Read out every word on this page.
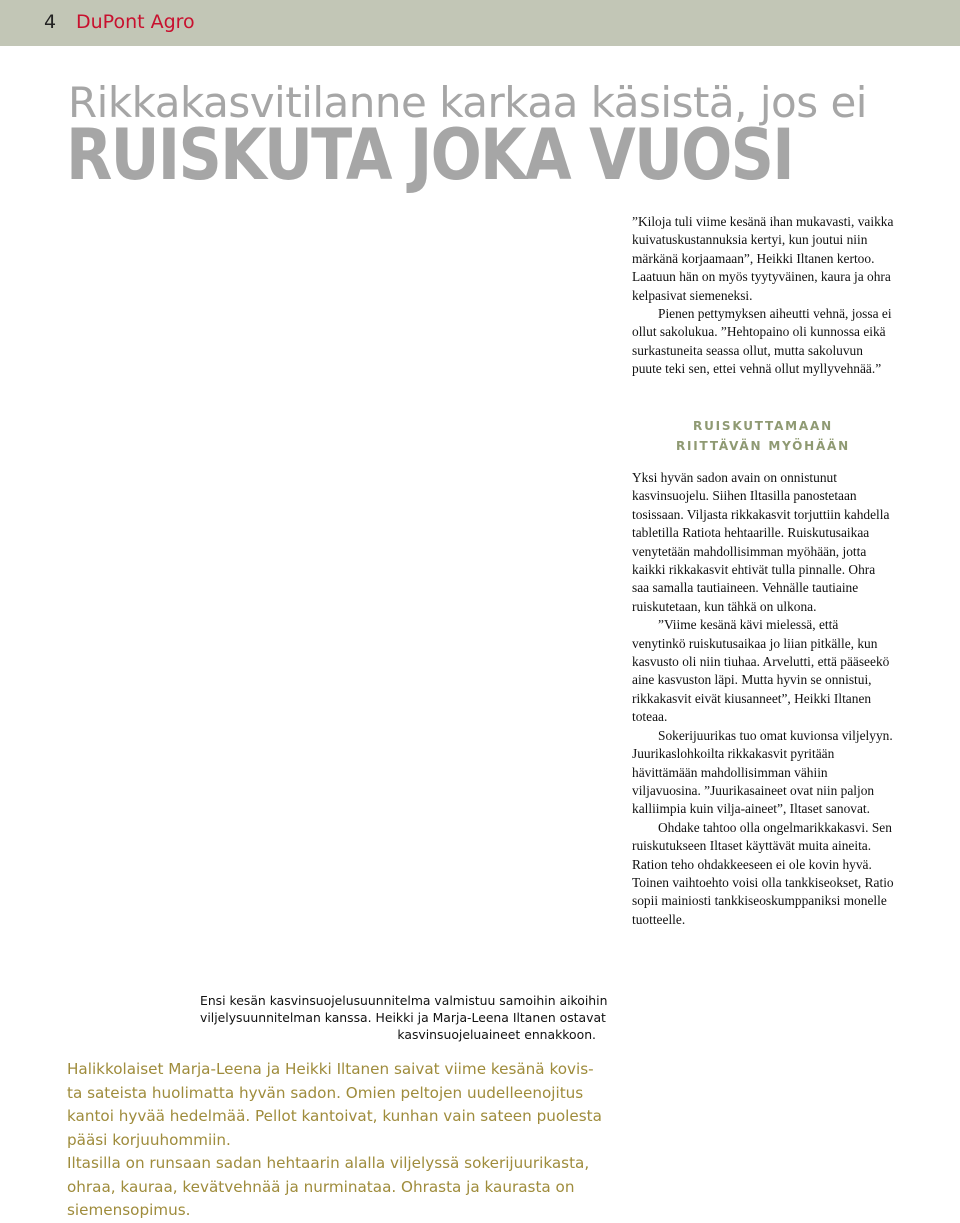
4 DuPont Agro
Rikkakasvitilanne karkaa käsistä, jos ei
RUISKUTA JOKA VUOSI

”Kiloja tuli viime kesänä ihan mukavasti, vaikka kuivatuskustannuksia kertyi, kun joutui niin märkänä korjaamaan”, Heikki Iltanen kertoo. Laatuun hän on myös tyytyväinen, kaura ja ohra kelpasivat siemeneksi.

Pienen pettymyksen aiheutti vehnä, jossa ei ollut sakolukua. ”Hehtopaino oli kunnossa eikä surkastuneita seassa ollut, mutta sakoluvun puute teki sen, ettei vehnä ollut myllyvehnää.”

RUISKUTTAMAAN
RIITTÄVÄN MYÖHÄÄN

Yksi hyvän sadon avain on onnistunut kasvinsuojelu. Siihen Iltasilla panostetaan tosissaan. Viljasta rikkakasvit torjuttiin kahdella tabletilla Ratiota hehtaarille. Ruiskutusaikaa venytetään mahdollisimman myöhään, jotta kaikki rikkakasvit ehtivät tulla pinnalle. Ohra saa samalla tautiaineen. Vehnälle tautiaine ruiskutetaan, kun tähkä on ulkona.

”Viime kesänä kävi mielessä, että venytinkö ruiskutusaikaa jo liian pitkälle, kun kasvusto oli niin tiuhaa. Arvelutti, että pääseekö aine kasvuston läpi. Mutta hyvin se onnistui, rikkakasvit eivät kiusanneet”, Heikki Iltanen toteaa.

Sokerijuurikas tuo omat kuvionsa viljelyyn. Juurikaslohkoilta rikkakasvit pyritään hävittämään mahdollisimman vähiin viljavuosina. ”Juurikasaineet ovat niin paljon kalliimpia kuin vilja-aineet”, Iltaset sanovat.

Ohdake tahtoo olla ongelmarikkakasvi. Sen ruiskutukseen Iltaset käyttävät muita aineita. Ration teho ohdakkeeseen ei ole kovin hyvä. Toinen vaihtoehto voisi olla tankkiseokset, Ratio sopii mainiosti tankkiseoskumppaniksi monelle tuotteelle.

Ensi kesän kasvinsuojelusuunnitelma valmistuu samoihin aikoihin
viljelysuunnitelman kanssa. Heikki ja Marja-Leena Iltanen ostavat
kasvinsuojeluaineet ennakkoon.
Halikkolaiset Marja-Leena ja Heikki Iltanen saivat viime kesänä kovis-
ta sateista huolimatta hyvän sadon. Omien peltojen uudelleenojitus
kantoi hyvää hedelmää. Pellot kantoivat, kunhan vain sateen puolesta
pääsi korjuuhommiin.
Iltasilla on runsaan sadan hehtaarin alalla viljelyssä sokerijuurikasta,
ohraa, kauraa, kevätvehnää ja nurminataa. Ohrasta ja kaurasta on
siemensopimus.
